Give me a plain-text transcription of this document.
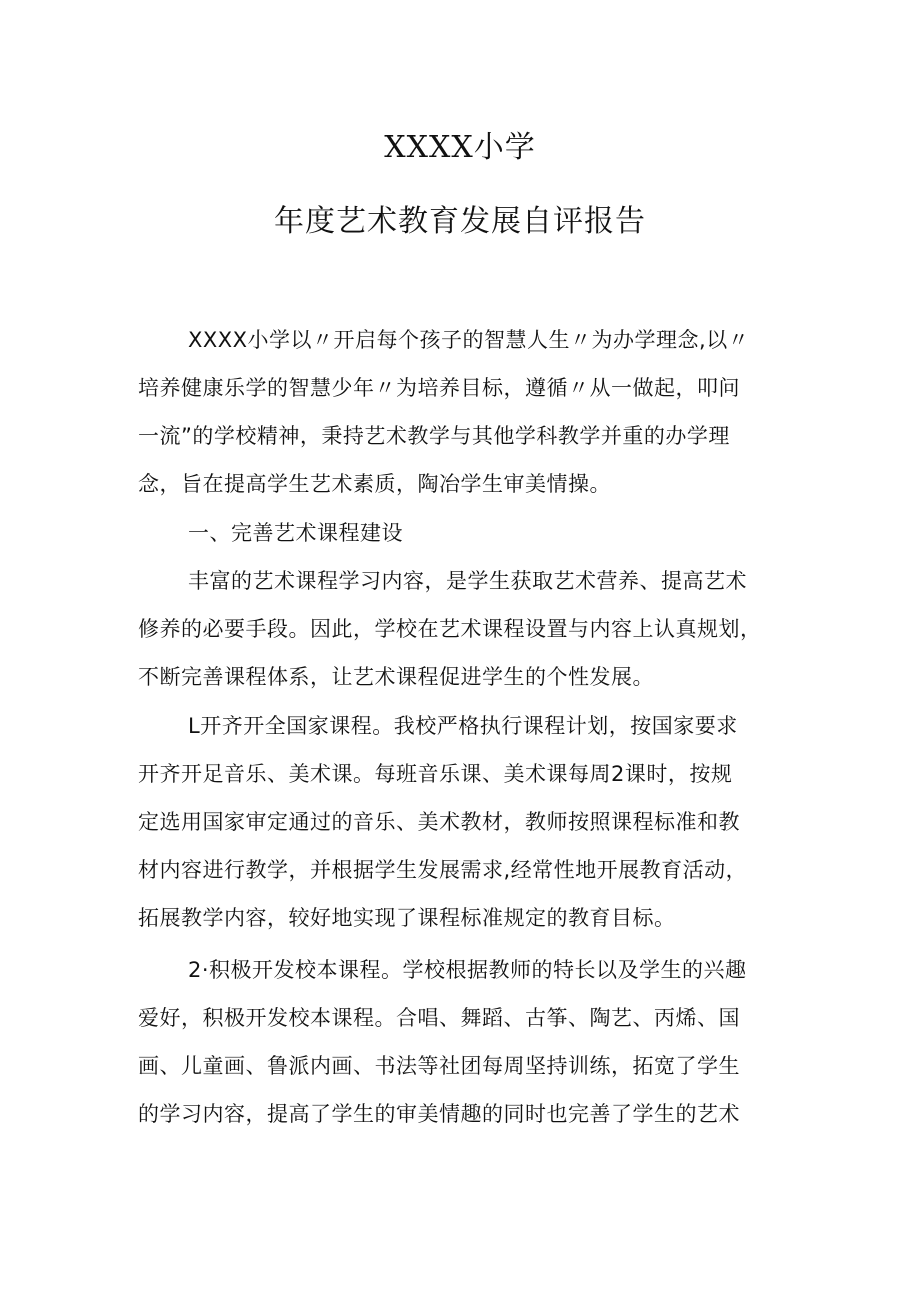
XXXX小学
年度艺术教育发展自评报告
XXXX小学以〃开启每个孩子的智慧人生〃为办学理念,以〃
培养健康乐学的智慧少年〃为培养目标，遵循〃从一做起，叩问
一流”的学校精神，秉持艺术教学与其他学科教学并重的办学理
念，旨在提高学生艺术素质，陶冶学生审美情操。
一、完善艺术课程建设
丰富的艺术课程学习内容，是学生获取艺术营养、提高艺术
修养的必要手段。因此，学校在艺术课程设置与内容上认真规划，
不断完善课程体系，让艺术课程促进学生的个性发展。
L开齐开全国家课程。我校严格执行课程计划，按国家要求
开齐开足音乐、美术课。每班音乐课、美术课每周2课时，按规
定选用国家审定通过的音乐、美术教材，教师按照课程标准和教
材内容进行教学，并根据学生发展需求,经常性地开展教育活动，
拓展教学内容，较好地实现了课程标准规定的教育目标。
2·积极开发校本课程。学校根据教师的特长以及学生的兴趣
爱好，积极开发校本课程。合唱、舞蹈、古筝、陶艺、丙烯、国
画、儿童画、鲁派内画、书法等社团每周坚持训练，拓宽了学生
的学习内容，提高了学生的审美情趣的同时也完善了学生的艺术
